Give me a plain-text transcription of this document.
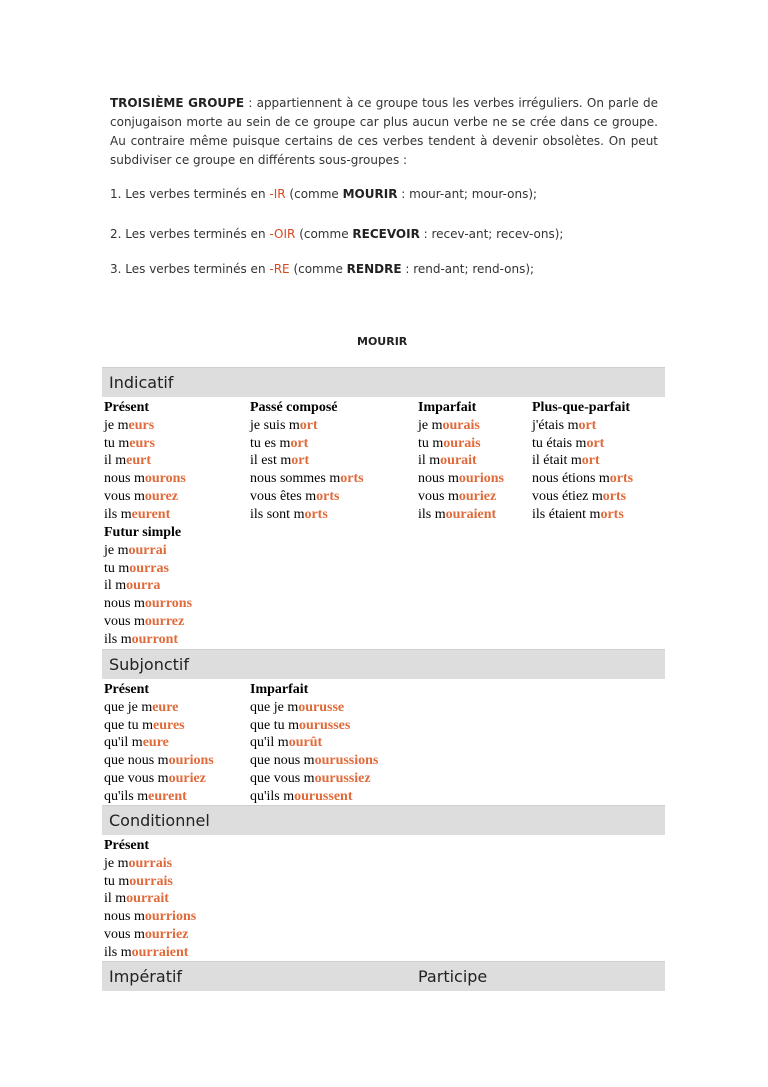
TROISIÈME GROUPE : appartiennent à ce groupe tous les verbes irréguliers. On parle de conjugaison morte au sein de ce groupe car plus aucun verbe ne se crée dans ce groupe. Au contraire même puisque certains de ces verbes tendent à devenir obsolètes. On peut subdiviser ce groupe en différents sous-groupes :
1. Les verbes terminés en -IR (comme MOURIR : mour-ant; mour-ons);
2. Les verbes terminés en -OIR (comme RECEVOIR : recev-ant; recev-ons);
3. Les verbes terminés en -RE (comme RENDRE : rend-ant; rend-ons);
MOURIR
Indicatif
Présent
je meurs
tu meurs
il meurt
nous mourons
vous mourez
ils meurent
Passé composé
je suis mort
tu es mort
il est mort
nous sommes morts
vous êtes morts
ils sont morts
Imparfait
je mourais
tu mourais
il mourait
nous mourions
vous mouriez
ils mouraient
Plus-que-parfait
j'étais mort
tu étais mort
il était mort
nous étions morts
vous étiez morts
ils étaient morts
Futur simple
je mourrai
tu mourras
il mourra
nous mourrons
vous mourrez
ils mourront
Subjonctif
Présent
que je meure
que tu meures
qu'il meure
que nous mourions
que vous mouriez
qu'ils meurent
Imparfait
que je mourusse
que tu mourusses
qu'il mourût
que nous mourussions
que vous mourussiez
qu'ils mourussent
Conditionnel
Présent
je mourrais
tu mourrais
il mourrait
nous mourrions
vous mourriez
ils mourraient
Impératif	Participe
